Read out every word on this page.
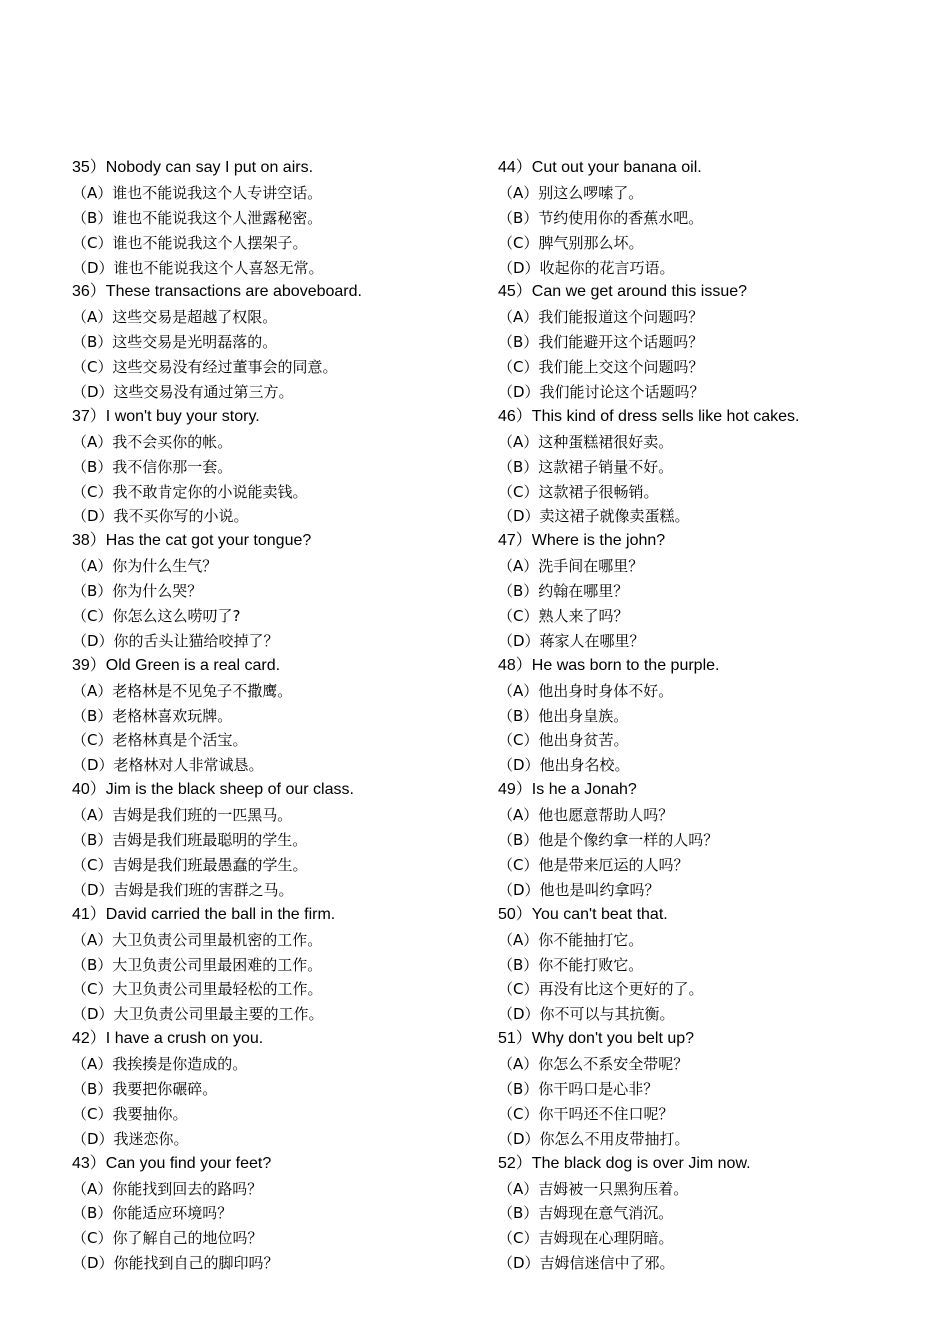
35）Nobody can say I put on airs.
（A）谁也不能说我这个人专讲空话。
（B）谁也不能说我这个人泄露秘密。
（C）谁也不能说我这个人摆架子。
（D）谁也不能说我这个人喜怒无常。
36）These transactions are aboveboard.
（A）这些交易是超越了权限。
（B）这些交易是光明磊落的。
（C）这些交易没有经过董事会的同意。
（D）这些交易没有通过第三方。
37）I won't buy your story.
（A）我不会买你的帐。
（B）我不信你那一套。
（C）我不敢肯定你的小说能卖钱。
（D）我不买你写的小说。
38）Has the cat got your tongue?
（A）你为什么生气？
（B）你为什么哭？
（C）你怎么这么唠叨了?
（D）你的舌头让猫给咬掉了？
39）Old Green is a real card.
（A）老格林是不见兔子不撒鹰。
（B）老格林喜欢玩牌。
（C）老格林真是个活宝。
（D）老格林对人非常诚恳。
40）Jim is the black sheep of our class.
（A）吉姆是我们班的一匹黑马。
（B）吉姆是我们班最聪明的学生。
（C）吉姆是我们班最愚蠢的学生。
（D）吉姆是我们班的害群之马。
41）David carried the ball in the firm.
（A）大卫负责公司里最机密的工作。
（B）大卫负责公司里最困难的工作。
（C）大卫负责公司里最轻松的工作。
（D）大卫负责公司里最主要的工作。
42）I have a crush on you.
（A）我挨揍是你造成的。
（B）我要把你碾碎。
（C）我要抽你。
（D）我迷恋你。
43）Can you find your feet?
（A）你能找到回去的路吗？
（B）你能适应环境吗？
（C）你了解自己的地位吗？
（D）你能找到自己的脚印吗？
44）Cut out your banana oil.
（A）别这么啰嗦了。
（B）节约使用你的香蕉水吧。
（C）脾气别那么坏。
（D）收起你的花言巧语。
45）Can we get around this issue?
（A）我们能报道这个问题吗？
（B）我们能避开这个话题吗？
（C）我们能上交这个问题吗？
（D）我们能讨论这个话题吗？
46）This kind of dress sells like hot cakes.
（A）这种蛋糕裙很好卖。
（B）这款裙子销量不好。
（C）这款裙子很畅销。
（D）卖这裙子就像卖蛋糕。
47）Where is the john?
（A）洗手间在哪里？
（B）约翰在哪里？
（C）熟人来了吗？
（D）蒋家人在哪里？
48）He was born to the purple.
（A）他出身时身体不好。
（B）他出身皇族。
（C）他出身贫苦。
（D）他出身名校。
49）Is he a Jonah?
（A）他也愿意帮助人吗？
（B）他是个像约拿一样的人吗？
（C）他是带来厄运的人吗？
（D）他也是叫约拿吗？
50）You can't beat that.
（A）你不能抽打它。
（B）你不能打败它。
（C）再没有比这个更好的了。
（D）你不可以与其抗衡。
51）Why don't you belt up?
（A）你怎么不系安全带呢？
（B）你干吗口是心非？
（C）你干吗还不住口呢？
（D）你怎么不用皮带抽打。
52）The black dog is over Jim now.
（A）吉姆被一只黑狗压着。
（B）吉姆现在意气消沉。
（C）吉姆现在心理阴暗。
（D）吉姆信迷信中了邪。
